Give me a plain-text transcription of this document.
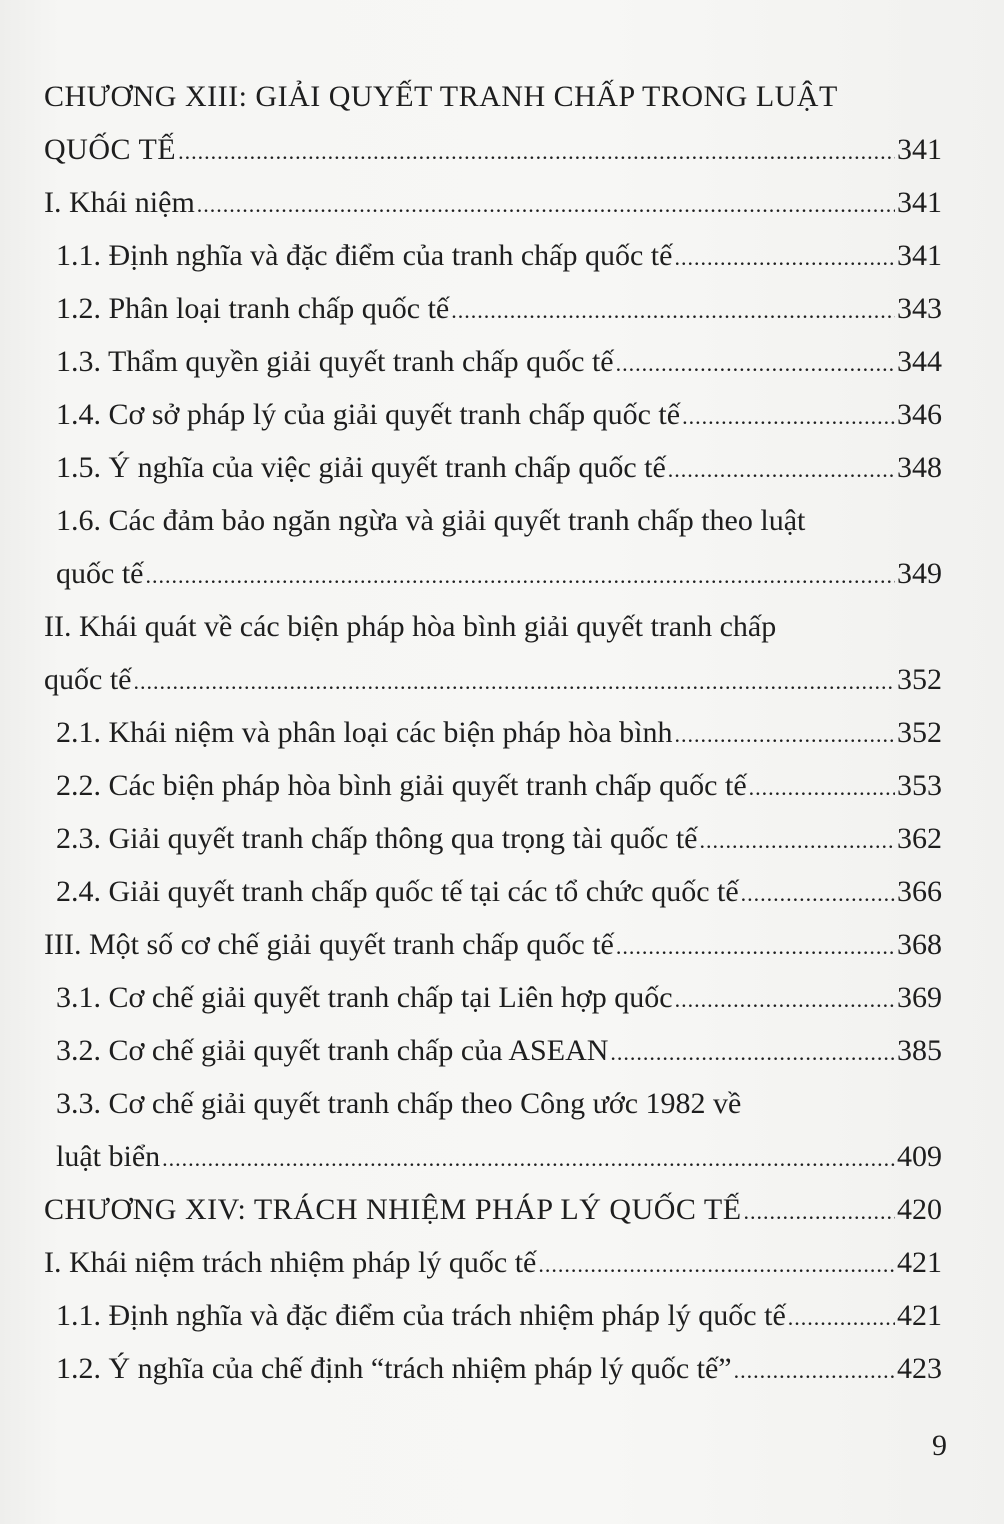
CHƯƠNG XIII: GIẢI QUYẾT TRANH CHẤP TRONG LUẬT
QUỐC TẾ .....	341
I. Khái niệm .....	341
1.1. Định nghĩa và đặc điểm của tranh chấp quốc tế .....	341
1.2. Phân loại tranh chấp quốc tế .....	343
1.3. Thẩm quyền giải quyết tranh chấp quốc tế .....	344
1.4. Cơ sở pháp lý của giải quyết tranh chấp quốc tế .....	346
1.5. Ý nghĩa của việc giải quyết tranh chấp quốc tế .....	348
1.6. Các đảm bảo ngăn ngừa và giải quyết tranh chấp theo luật
quốc tế .....	349
II. Khái quát về các biện pháp hòa bình giải quyết tranh chấp
quốc tế .....	352
2.1. Khái niệm và phân loại các biện pháp hòa bình .....	352
2.2. Các biện pháp hòa bình giải quyết tranh chấp quốc tế .....	353
2.3. Giải quyết tranh chấp thông qua trọng tài quốc tế .....	362
2.4. Giải quyết tranh chấp quốc tế tại các tổ chức quốc tế .....	366
III. Một số cơ chế giải quyết tranh chấp quốc tế .....	368
3.1. Cơ chế giải quyết tranh chấp tại Liên hợp quốc .....	369
3.2. Cơ chế giải quyết tranh chấp của ASEAN .....	385
3.3. Cơ chế giải quyết tranh chấp theo Công ước 1982 về
luật biển .....	409
CHƯƠNG XIV: TRÁCH NHIỆM PHÁP LÝ QUỐC TẾ .....	420
I. Khái niệm trách nhiệm pháp lý quốc tế .....	421
1.1. Định nghĩa và đặc điểm của trách nhiệm pháp lý quốc tế .....	421
1.2. Ý nghĩa của chế định “trách nhiệm pháp lý quốc tế” .....	423
9
